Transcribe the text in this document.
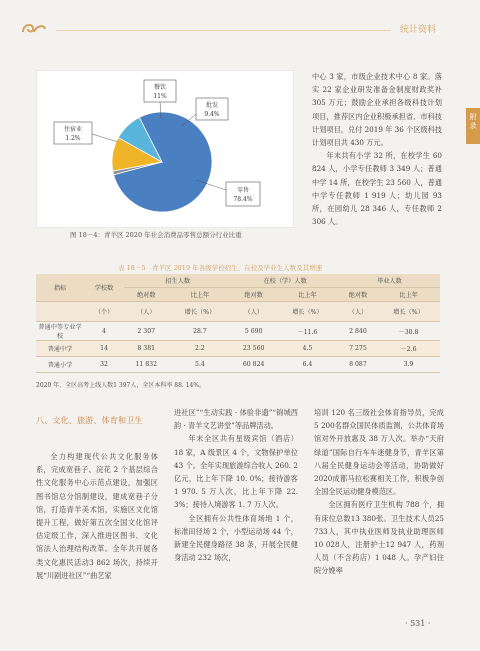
统计资料
附
录
餐饮
11%
批发
9.4%
住宿业
1.2%
零售
78.4%
图 18－4：青羊区 2020 年社会消费品零售总额分行业比重
中心 3 家，市级企业技术中心 8 家。落实 22 家企业研发准备金制度财政奖补 305 万元；鼓励企业承担各级科技计划项目，推荐区内企业积极承担省、市科技计划项目，兑付 2019 年 36 个区级科技计划项目共 430 万元。
年末共有小学 32 所，在校学生 60 824 人，小学专任教师 3 349 人；普通中学 14 所，在校学生 23 560 人，普通中学专任教师 1 919 人；幼儿园 93 所，在园幼儿 28 346 人，专任教师 2 306 人。
表 18－5　青羊区 2019 年各级学校招生、在校及毕业生人数及其增速
指标	学校数	招生人数		在校（学）人数		毕业人数	
		绝对数	比上年	绝对数	比上年	绝对数	比上年
	（个）	（人）	增长（%）	（人）	增长（%）	（人）	增长（%）
普通中等专业学校	4	2 307	28.7	5 690	－11.6	2 840	－30.8
普通中学	14	8 381	2.2	23 560	4.5	7 275	－2.6
普通小学	32	11 832	5.4	60 824	6.4	8 087	3.9
2020 年，全区高考上线人数1 397人，全区本科率 88. 14%。
八、文化、旅游、体育和卫生
全力构建现代公共文化服务体系，完成宽巷子、浣花 2 个基层综合性文化服务中心示范点建设，加强区图书馆总分馆制建设，建成宽巷子分馆，打造青羊美术馆，实施区文化馆提升工程，做好第五次全国文化馆评估定级工作，深入推进区图书、文化馆法人治理结构改革。全年共开展各类文化惠民活动3 862 场次，持续开展“川剧进社区”“曲艺家
进社区”“生动实践 · 体验非遗”“锦城西韵 · 青羊文艺讲堂”等品牌活动。
年末全区共有星级宾馆（酒店）18 家，A 级景区 4 个，文物保护单位 43 个。全年实现旅游综合收入 260. 2 亿元，比上年下降 10. 0%；接待游客1 970. 5 万人次，比上年下降 22. 3%；接待入境游客 1. 7 万人次。
全区拥有公共性体育场地 1 个，标准田径场 2 个，小型运动场 44 个，新建全民健身路径 38 条，开展全民健身活动 232 场次，
培训 120 名三级社会体育指导员，完成 5 200名群众国民体质监测，公共体育场馆对外开放惠及 38 万人次。举办“天府绿道”国际自行车车迷健身节，青羊区第八届全民健身运动会等活动，协助做好 2020成都马拉松赛相关工作，积极争创全国全民运动健身模范区。
全区拥有医疗卫生机构 788 个，拥有床位总数13 380张。卫生技术人员25 733人，其中执业医师及执业助理医师10 028人，注册护士12 947 人，药剂人员（不含药店）1 048 人。孕产妇住院分娩率
· 531 ·
